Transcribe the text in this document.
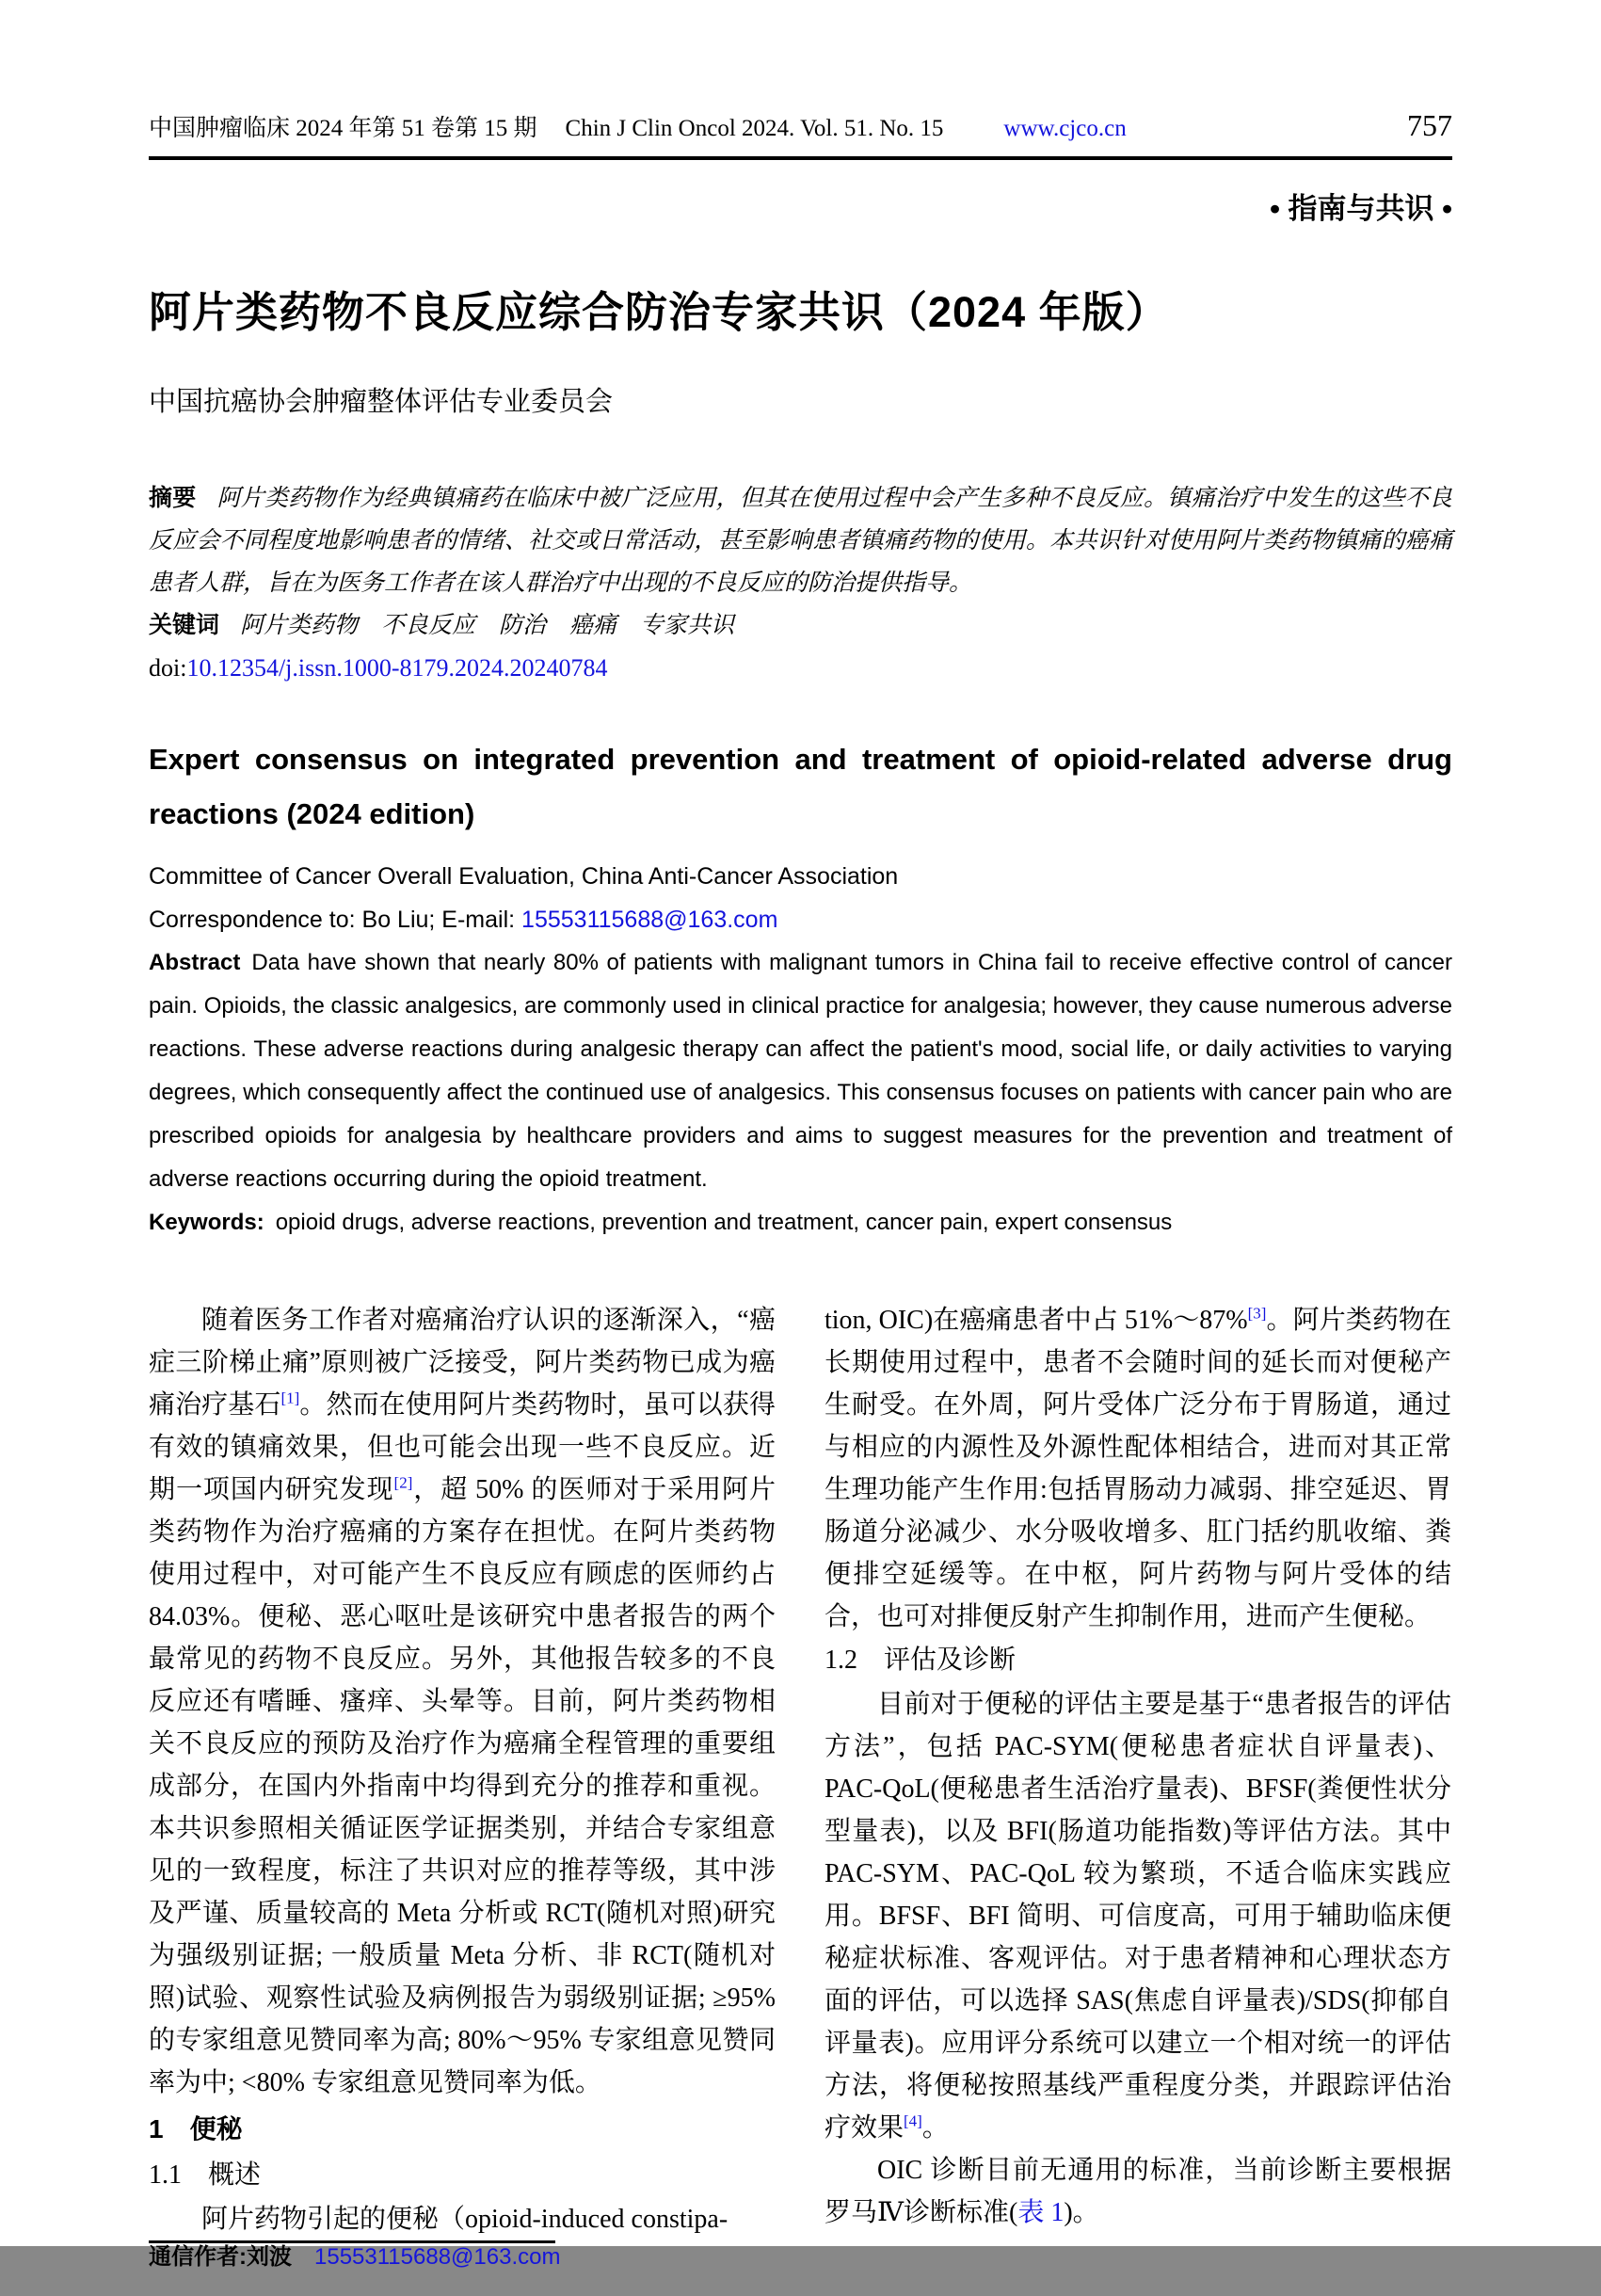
中国肿瘤临床 2024 年第 51 卷第 15 期 Chin J Clin Oncol 2024. Vol. 51. No. 15	www.cjco.cn	757
• 指南与共识 •
阿片类药物不良反应综合防治专家共识（2024 年版）
中国抗癌协会肿瘤整体评估专业委员会

摘要 阿片类药物作为经典镇痛药在临床中被广泛应用，但其在使用过程中会产生多种不良反应。镇痛治疗中发生的这些不良反应会不同程度地影响患者的情绪、社交或日常活动，甚至影响患者镇痛药物的使用。本共识针对使用阿片类药物镇痛的癌痛患者人群，旨在为医务工作者在该人群治疗中出现的不良反应的防治提供指导。

关键词 阿片类药物　不良反应　防治　癌痛　专家共识

doi:10.12354/j.issn.1000-8179.2024.20240784

Expert consensus on integrated prevention and treatment of opioid-related adverse drug reactions (2024 edition)

Committee of Cancer Overall Evaluation, China Anti-Cancer Association

Correspondence to: Bo Liu; E-mail: 15553115688@163.com

Abstract Data have shown that nearly 80% of patients with malignant tumors in China fail to receive effective control of cancer pain. Opioids, the classic analgesics, are commonly used in clinical practice for analgesia; however, they cause numerous adverse reactions. These adverse reactions during analgesic therapy can affect the patient's mood, social life, or daily activities to varying degrees, which consequently affect the continued use of analgesics. This consensus focuses on patients with cancer pain who are prescribed opioids for analgesia by healthcare providers and aims to suggest measures for the prevention and treatment of adverse reactions occurring during the opioid treatment.

Keywords: opioid drugs, adverse reactions, prevention and treatment, cancer pain, expert consensus

随着医务工作者对癌痛治疗认识的逐渐深入，“癌症三阶梯止痛”原则被广泛接受，阿片类药物已成为癌痛治疗基石[1]。然而在使用阿片类药物时，虽可以获得有效的镇痛效果，但也可能会出现一些不良反应。近期一项国内研究发现[2]，超 50% 的医师对于采用阿片类药物作为治疗癌痛的方案存在担忧。在阿片类药物使用过程中，对可能产生不良反应有顾虑的医师约占 84.03%。便秘、恶心呕吐是该研究中患者报告的两个最常见的药物不良反应。另外，其他报告较多的不良反应还有嗜睡、瘙痒、头晕等。目前，阿片类药物相关不良反应的预防及治疗作为癌痛全程管理的重要组成部分，在国内外指南中均得到充分的推荐和重视。本共识参照相关循证医学证据类别，并结合专家组意见的一致程度，标注了共识对应的推荐等级，其中涉及严谨、质量较高的 Meta 分析或 RCT(随机对照)研究为强级别证据; 一般质量 Meta 分析、非 RCT(随机对照)试验、观察性试验及病例报告为弱级别证据; ≥95% 的专家组意见赞同率为高; 80%～95% 专家组意见赞同率为中; <80% 专家组意见赞同率为低。

1　便秘
1.1　概述

阿片药物引起的便秘（opioid-induced constipa-

通信作者:刘波 15553115688@163.com

tion, OIC)在癌痛患者中占 51%～87%[3]。阿片类药物在长期使用过程中，患者不会随时间的延长而对便秘产生耐受。在外周，阿片受体广泛分布于胃肠道，通过与相应的内源性及外源性配体相结合，进而对其正常生理功能产生作用:包括胃肠动力减弱、排空延迟、胃肠道分泌减少、水分吸收增多、肛门括约肌收缩、粪便排空延缓等。在中枢，阿片药物与阿片受体的结合，也可对排便反射产生抑制作用，进而产生便秘。

1.2　评估及诊断

目前对于便秘的评估主要是基于“患者报告的评估方法”，包括 PAC-SYM(便秘患者症状自评量表)、PAC-QoL(便秘患者生活治疗量表)、BFSF(粪便性状分型量表)，以及 BFI(肠道功能指数)等评估方法。其中 PAC-SYM、PAC-QoL 较为繁琐，不适合临床实践应用。BFSF、BFI 简明、可信度高，可用于辅助临床便秘症状标准、客观评估。对于患者精神和心理状态方面的评估，可以选择 SAS(焦虑自评量表)/SDS(抑郁自评量表)。应用评分系统可以建立一个相对统一的评估方法，将便秘按照基线严重程度分类，并跟踪评估治疗效果[4]。

OIC 诊断目前无通用的标准，当前诊断主要根据罗马Ⅳ诊断标准(表 1)。
